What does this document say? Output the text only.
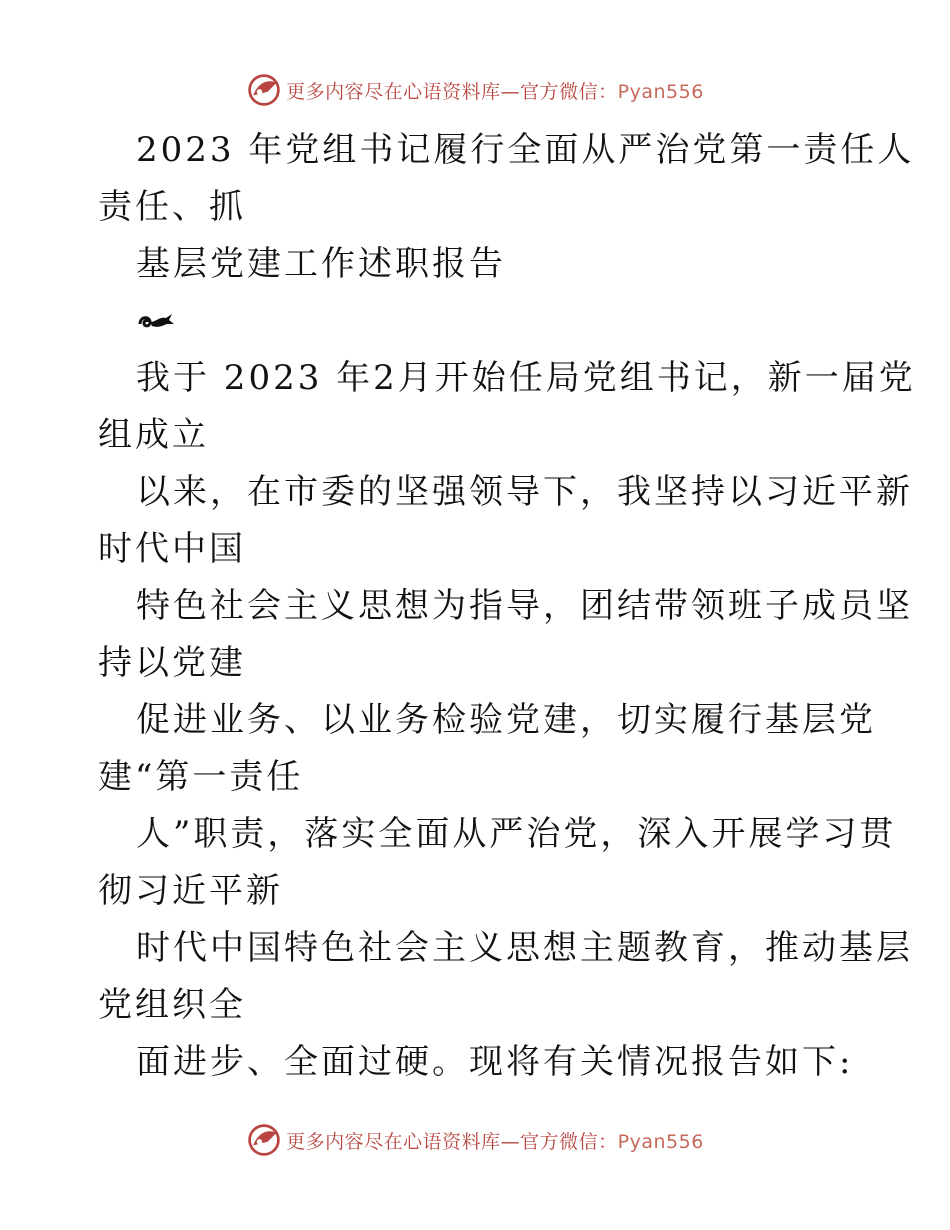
更多内容尽在心语资料库—官方微信：Pyan556
2023 年党组书记履行全面从严治党第一责任人
责任、抓
基层党建工作述职报告
我于 2023 年2月开始任局党组书记，新一届党
组成立
以来，在市委的坚强领导下，我坚持以习近平新
时代中国
特色社会主义思想为指导，团结带领班子成员坚
持以党建
促进业务、以业务检验党建，切实履行基层党
建“第一责任
人”职责，落实全面从严治党，深入开展学习贯
彻习近平新
时代中国特色社会主义思想主题教育，推动基层
党组织全
面进步、全面过硬。现将有关情况报告如下:
更多内容尽在心语资料库—官方微信：Pyan556
